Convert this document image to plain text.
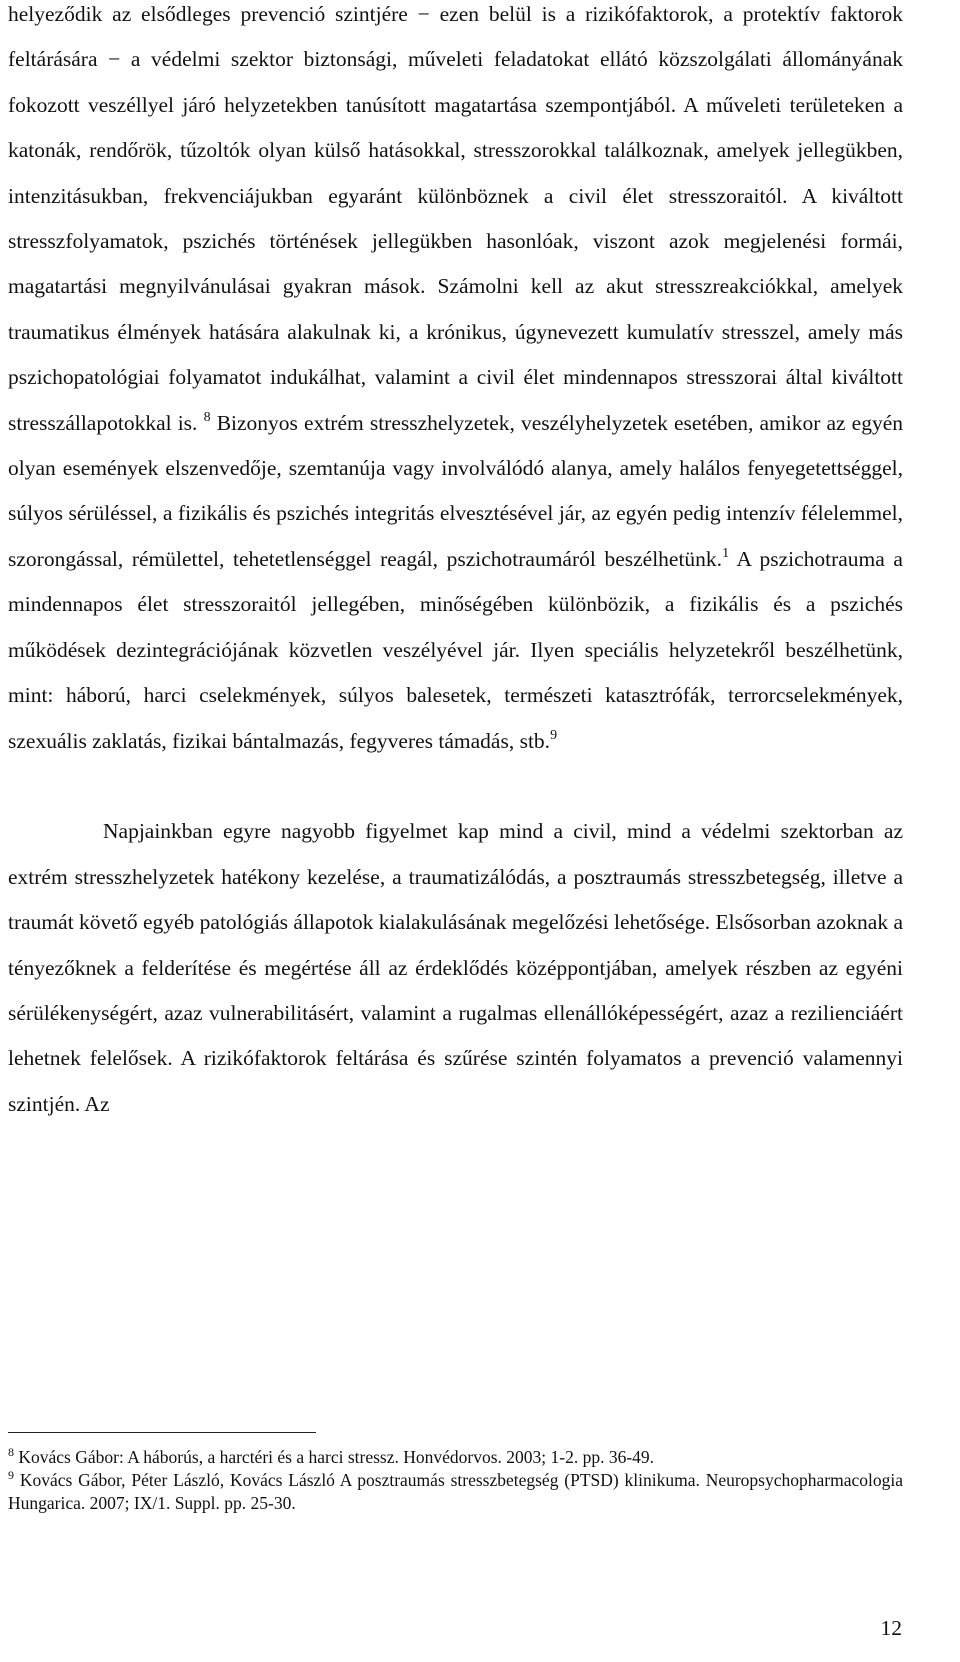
helyeződik az elsődleges prevenció szintjére − ezen belül is a rizikófaktorok, a protektív faktorok feltárására − a védelmi szektor biztonsági, műveleti feladatokat ellátó közszolgálati állományának fokozott veszéllyel járó helyzetekben tanúsított magatartása szempontjából. A műveleti területeken a katonák, rendőrök, tűzoltók olyan külső hatásokkal, stresszorokkal találkoznak, amelyek jellegükben, intenzitásukban, frekvenciájukban egyaránt különböznek a civil élet stresszoraitól. A kiváltott stresszfolyamatok, pszichés történések jellegükben hasonlóak, viszont azok megjelenési formái, magatartási megnyilvánulásai gyakran mások. Számolni kell az akut stresszreakciókkal, amelyek traumatikus élmények hatására alakulnak ki, a krónikus, úgynevezett kumulatív stresszel, amely más pszichopatológiai folyamatot indukálhat, valamint a civil élet mindennapos stresszorai által kiváltott stresszállapotokkal is. $^8$ Bizonyos extrém stresszhelyzetek, veszélyhelyzetek esetében, amikor az egyén olyan események elszenvedője, szemtanúja vagy involválódó alanya, amely halálos fenyegetettséggel, súlyos sérüléssel, a fizikális és pszichés integritás elvesztésével jár, az egyén pedig intenzív félelemmel, szorongással, rémülettel, tehetetlenséggel reagál, pszichotraumáról beszélhetünk.$^1$ A pszichotrauma a mindennapos élet stresszoraitól jellegében, minőségében különbözik, a fizikális és a pszichés működések dezintegrációjának közvetlen veszélyével jár. Ilyen speciális helyzetekről beszélhetünk, mint: háború, harci cselekmények, súlyos balesetek, természeti katasztrófák, terrorcselekmények, szexuális zaklatás, fizikai bántalmazás, fegyveres támadás, stb.$^9$

Napjainkban egyre nagyobb figyelmet kap mind a civil, mind a védelmi szektorban az extrém stresszhelyzetek hatékony kezelése, a traumatizálódás, a posztraumás stresszbetegség, illetve a traumát követő egyéb patológiás állapotok kialakulásának megelőzési lehetősége. Elsősorban azoknak a tényezőknek a felderítése és megértése áll az érdeklődés középpontjában, amelyek részben az egyéni sérülékenységért, azaz vulnerabilitásért, valamint a rugalmas ellenállóképességért, azaz a rezilienciáért lehetnek felelősek. A rizikófaktorok feltárása és szűrése szintén folyamatos a prevenció valamennyi szintjén. Az

$^8$ Kovács Gábor: A háborús, a harctéri és a harci stressz. Honvédorvos. 2003; 1-2. pp. 36-49.

$^9$ Kovács Gábor, Péter László, Kovács László A posztraumás stresszbetegség (PTSD) klinikuma. Neuropsychopharmacologia Hungarica. 2007; IX/1. Suppl. pp. 25-30.

12
